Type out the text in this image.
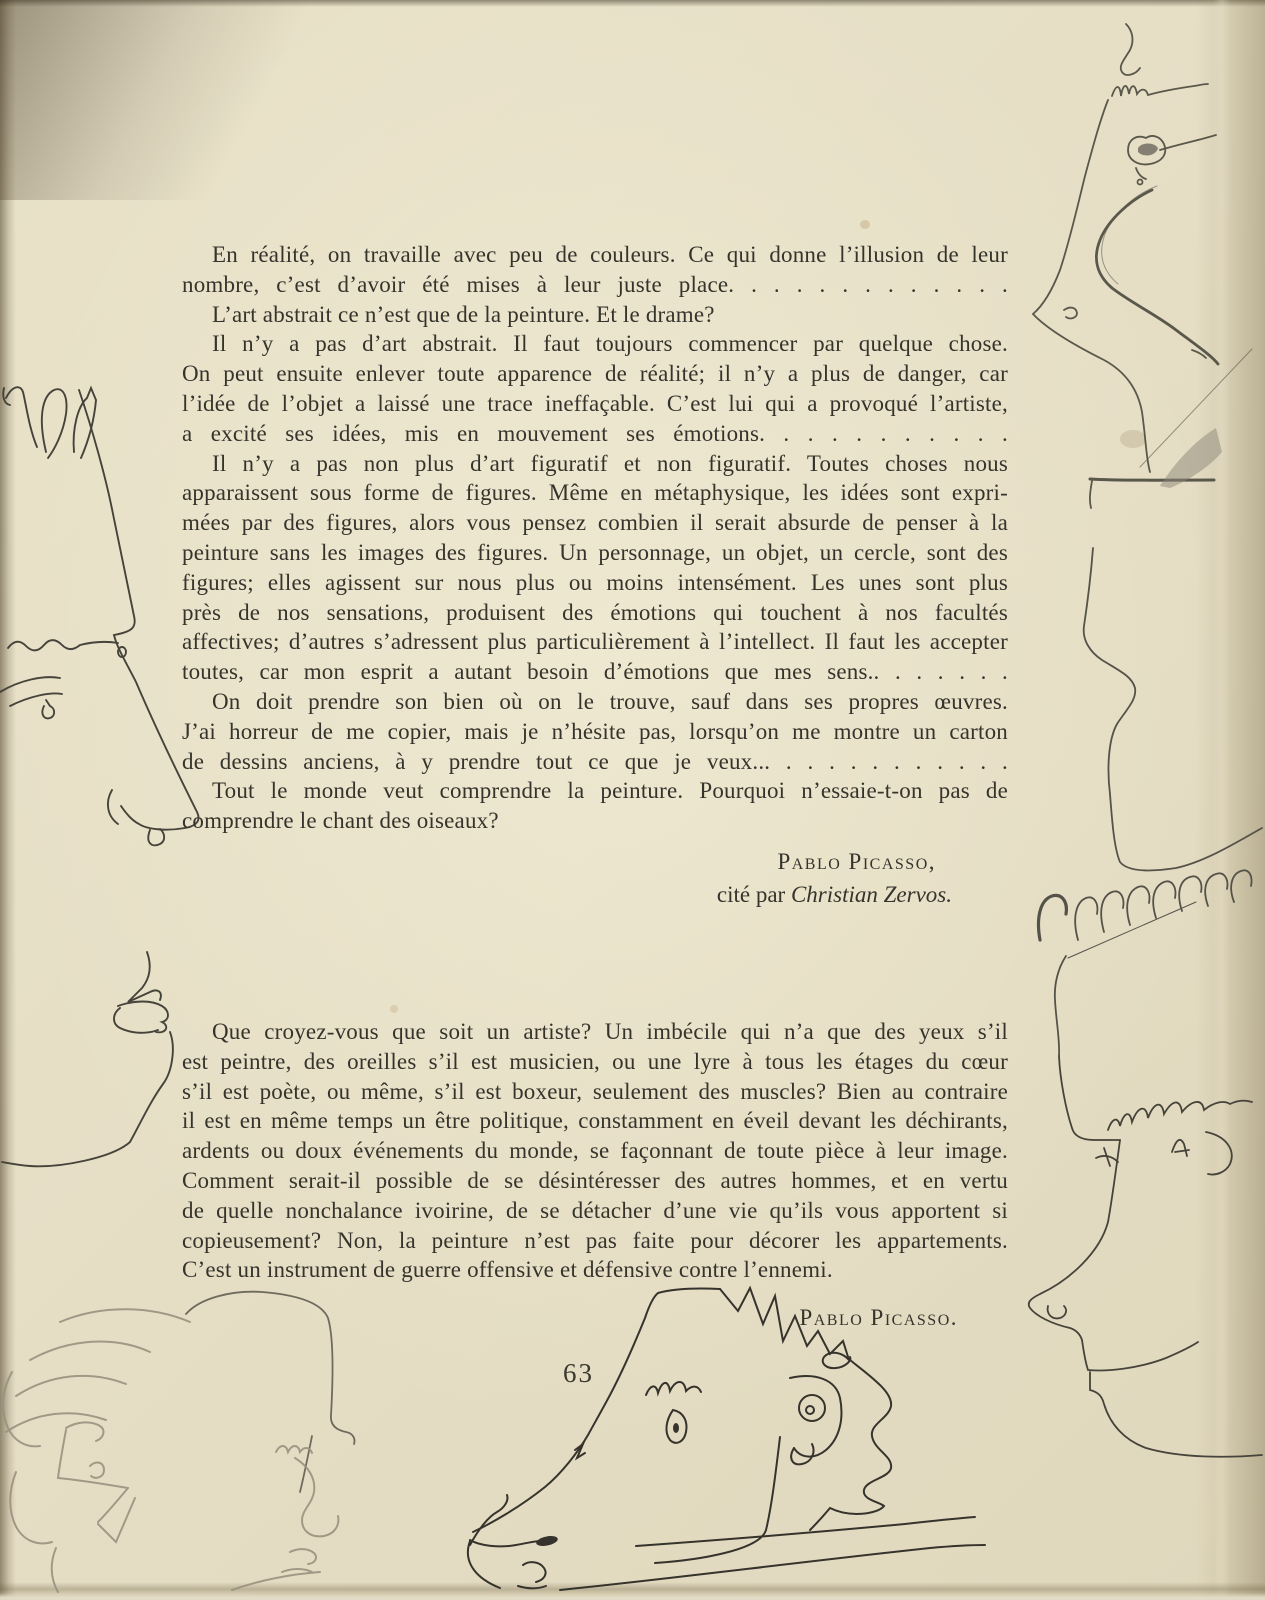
En réalité, on travaille avec peu de couleurs. Ce qui donne l’illusion de leur
nombre, c’est d’avoir été mises à leur juste place. . . . . . . . . . . . .
L’art abstrait ce n’est que de la peinture. Et le drame?
Il n’y a pas d’art abstrait. Il faut toujours commencer par quelque chose.
On peut ensuite enlever toute apparence de réalité; il n’y a plus de danger, car
l’idée de l’objet a laissé une trace ineffaçable. C’est lui qui a provoqué l’artiste,
a excité ses idées, mis en mouvement ses émotions. . . . . . . . . . .
Il n’y a pas non plus d’art figuratif et non figuratif. Toutes choses nous
apparaissent sous forme de figures. Même en métaphysique, les idées sont expri-
mées par des figures, alors vous pensez combien il serait absurde de penser à la
peinture sans les images des figures. Un personnage, un objet, un cercle, sont des
figures; elles agissent sur nous plus ou moins intensément. Les unes sont plus
près de nos sensations, produisent des émotions qui touchent à nos facultés
affectives; d’autres s’adressent plus particulièrement à l’intellect. Il faut les accepter
toutes, car mon esprit a autant besoin d’émotions que mes sens.. . . . . . .
On doit prendre son bien où on le trouve, sauf dans ses propres œuvres.
J’ai horreur de me copier, mais je n’hésite pas, lorsqu’on me montre un carton
de dessins anciens, à y prendre tout ce que je veux... . . . . . . . . . . .
Tout le monde veut comprendre la peinture. Pourquoi n’essaie-t-on pas de
comprendre le chant des oiseaux?
Pablo Picasso,
cité par Christian Zervos.
Que croyez-vous que soit un artiste? Un imbécile qui n’a que des yeux s’il
est peintre, des oreilles s’il est musicien, ou une lyre à tous les étages du cœur
s’il est poète, ou même, s’il est boxeur, seulement des muscles? Bien au contraire
il est en même temps un être politique, constamment en éveil devant les déchirants,
ardents ou doux événements du monde, se façonnant de toute pièce à leur image.
Comment serait-il possible de se désintéresser des autres hommes, et en vertu
de quelle nonchalance ivoirine, de se détacher d’une vie qu’ils vous apportent si
copieusement? Non, la peinture n’est pas faite pour décorer les appartements.
C’est un instrument de guerre offensive et défensive contre l’ennemi.
Pablo Picasso.
63
